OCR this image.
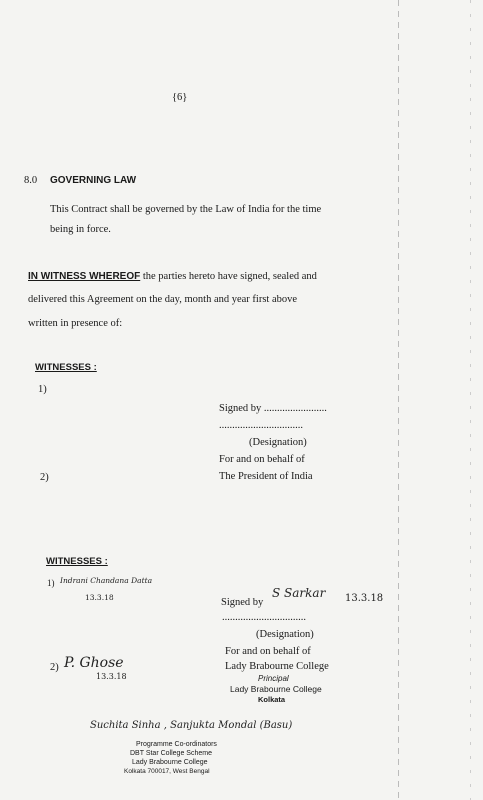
{6}
8.0 GOVERNING LAW
This Contract shall be governed by the Law of India for the time
being in force.
IN WITNESS WHEREOF the parties hereto have signed, sealed and
delivered this Agreement on the day, month and year first above
written in presence of:
WITNESSES :
1)
Signed by ........................
................................
(Designation)
For and on behalf of
The President of India
2)
WITNESSES :
1) Indrani Chandana Datta
13.3.18	Signed by
S Sarkar 13.3.18
................................
(Designation)
For and on behalf of
Lady Brabourne College
Principal
Lady Brabourne College
Kolkata
2) P. Ghose
13.3.18
Suchita Sinha , Sanjukta Mondal (Basu)
Programme Co-ordinators
DBT Star College Scheme
Lady Brabourne College
Kolkata 700017, West Bengal
